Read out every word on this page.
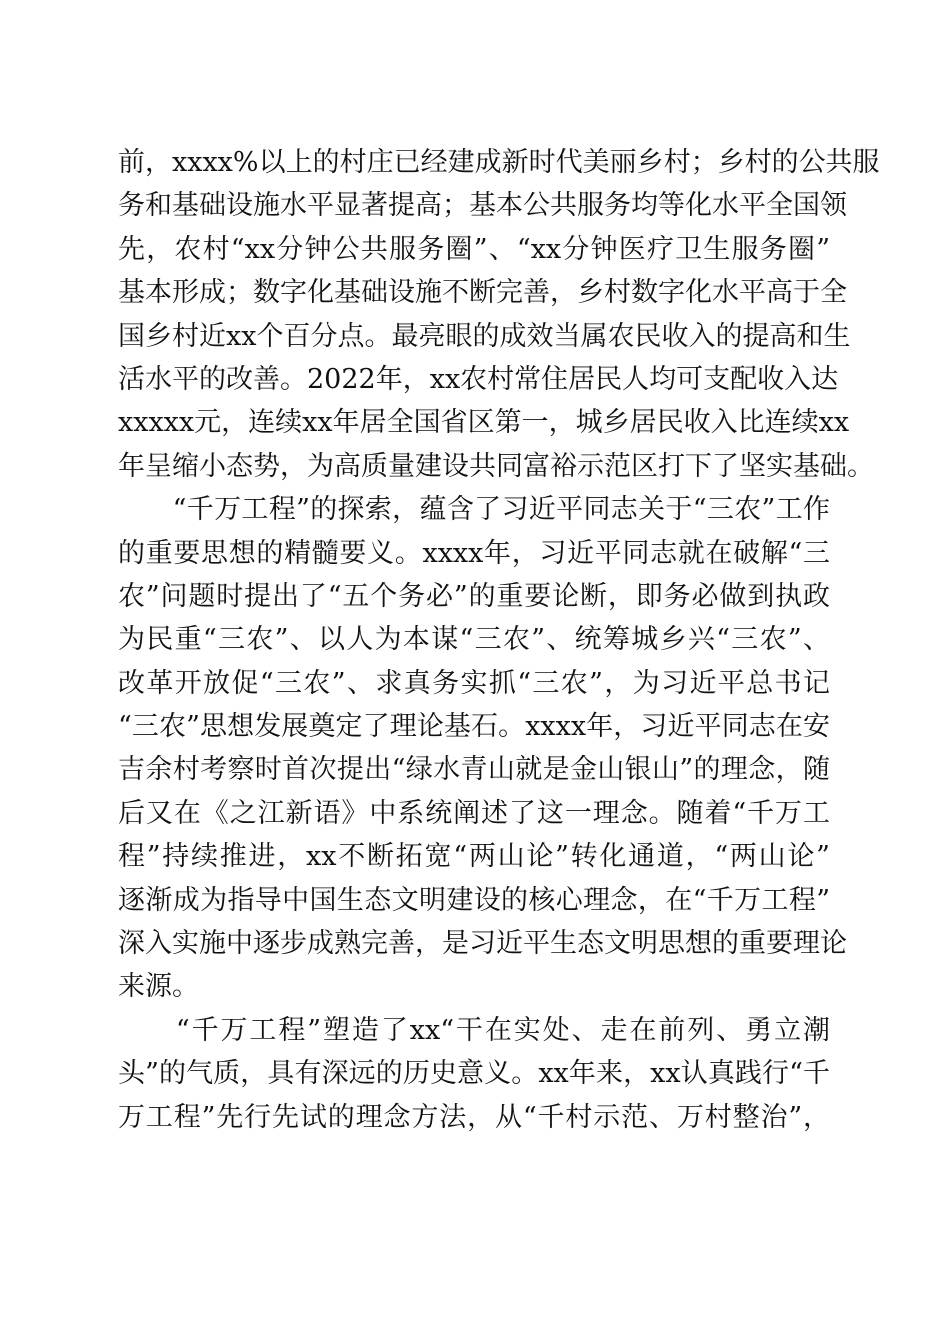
前，xxxx%以上的村庄已经建成新时代美丽乡村；乡村的公共服
务和基础设施水平显著提高；基本公共服务均等化水平全国领
先，农村“xx分钟公共服务圈”、“xx分钟医疗卫生服务圈”
基本形成；数字化基础设施不断完善，乡村数字化水平高于全
国乡村近xx个百分点。最亮眼的成效当属农民收入的提高和生
活水平的改善。2022年，xx农村常住居民人均可支配收入达
xxxxx元，连续xx年居全国省区第一，城乡居民收入比连续xx
年呈缩小态势，为高质量建设共同富裕示范区打下了坚实基础。
　　“千万工程”的探索，蕴含了习近平同志关于“三农”工作
的重要思想的精髓要义。xxxx年，习近平同志就在破解“三
农”问题时提出了“五个务必”的重要论断，即务必做到执政
为民重“三农”、以人为本谋“三农”、统筹城乡兴“三农”、
改革开放促“三农”、求真务实抓“三农”，为习近平总书记
“三农”思想发展奠定了理论基石。xxxx年，习近平同志在安
吉余村考察时首次提出“绿水青山就是金山银山”的理念，随
后又在《之江新语》中系统阐述了这一理念。随着“千万工
程”持续推进，xx不断拓宽“两山论”转化通道，“两山论”
逐渐成为指导中国生态文明建设的核心理念，在“千万工程”
深入实施中逐步成熟完善，是习近平生态文明思想的重要理论
来源。
　　“千万工程”塑造了xx“干在实处、走在前列、勇立潮
头”的气质，具有深远的历史意义。xx年来，xx认真践行“千
万工程”先行先试的理念方法，从“千村示范、万村整治”，
